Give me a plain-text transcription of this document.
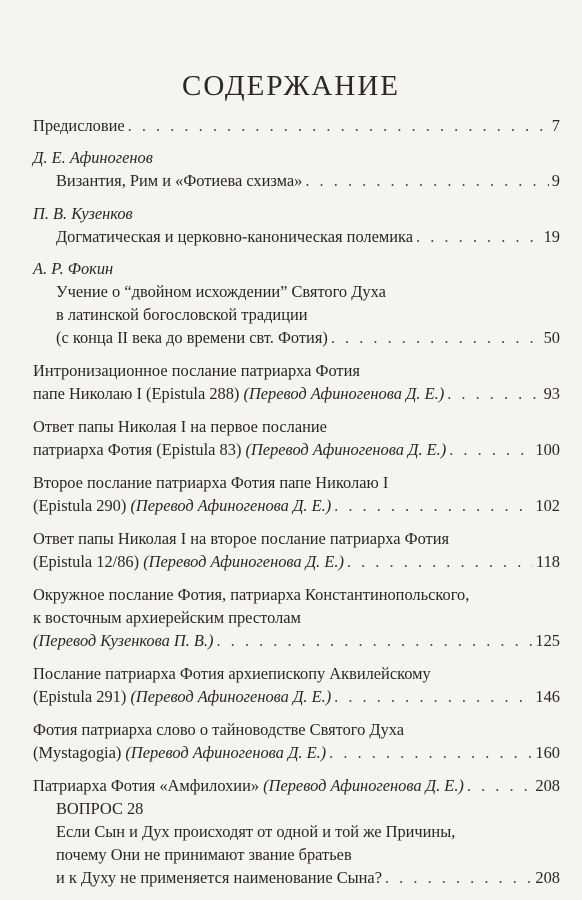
СОДЕРЖАНИЕ
Предисловие . . .	7
Д. Е. Афиногенов
Византия, Рим и «Фотиева схизма» . . .	9
П. В. Кузенков
Догматическая и церковно-каноническая полемика . . .	19
А. Р. Фокин
Учение о “двойном исхождении” Святого Духа
в латинской богословской традиции
(с конца II века до времени свт. Фотия) . . .	50
Интронизационное послание патриарха Фотия
папе Николаю I (Epistula 288)
(Перевод Афиногенова Д. Е.) . . .	93
Ответ папы Николая I на первое послание
патриарха Фотия (Epistula 83)
(Перевод Афиногенова Д. Е.) . . .	100
Второе послание патриарха Фотия папе Николаю I
(Epistula 290)
(Перевод Афиногенова Д. Е.) . . .	102
Ответ папы Николая I на второе послание патриарха Фотия
(Epistula 12/86)
(Перевод Афиногенова Д. Е.) . . .	118
Окружное послание Фотия, патриарха Константинопольского,
к восточным архиерейским престолам
(Перевод Кузенкова П. В.) . . .	125
Послание патриарха Фотия архиепископу Аквилейскому
(Epistula 291)
(Перевод Афиногенова Д. Е.) . . .	146
Фотия патриарха слово о тайноводстве Святого Духа
(Mystagogia)
(Перевод Афиногенова Д. Е.) . . .	160
Патриарха Фотия «Амфилохии»
(Перевод Афиногенова Д. Е.) . . .	208
ВОПРОС 28
Если Сын и Дух происходят от одной и той же Причины,
почему Они не принимают звание братьев
и к Духу не применяется наименование Сына? . . .	208
